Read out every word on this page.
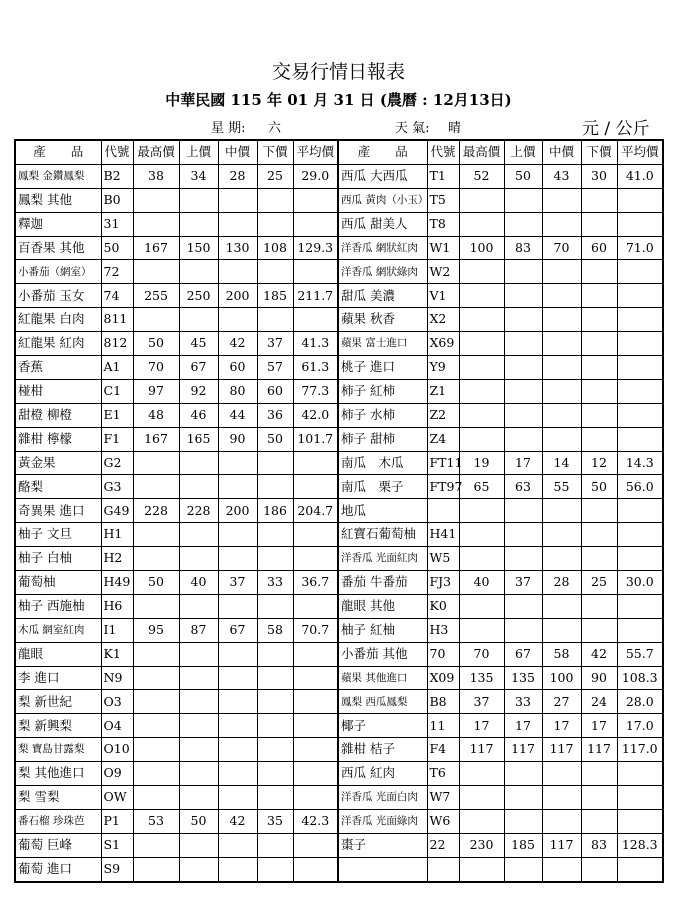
交易行情日報表
中華民國 115 年 01 月 31 日 (農曆 : 12月13日)
星 期: 六	天 氣: 晴	元 / 公斤
產　　品	代號	最高價	上價	中價	下價	平均價	產　　品	代號	最高價	上價	中價	下價	平均價
鳳梨 金鑽鳳梨	B2	38	34	28	25	29.0	西瓜 大西瓜	T1	52	50	43	30	41.0
鳳梨 其他	B0						西瓜 黃肉（小玉）	T5					
釋迦	31						西瓜 甜美人	T8					
百香果 其他	50	167	150	130	108	129.3	洋香瓜 網狀紅肉	W1	100	83	70	60	71.0
小番茄（網室）	72						洋香瓜 網狀綠肉	W2					
小番茄 玉女	74	255	250	200	185	211.7	甜瓜 美濃	V1					
紅龍果 白肉	811						蘋果 秋香	X2					
紅龍果 紅肉	812	50	45	42	37	41.3	蘋果 富士進口	X69					
香蕉	A1	70	67	60	57	61.3	桃子 進口	Y9					
椪柑	C1	97	92	80	60	77.3	柿子 紅柿	Z1					
甜橙 柳橙	E1	48	46	44	36	42.0	柿子 水柿	Z2					
雜柑 檸檬	F1	167	165	90	50	101.7	柿子 甜柿	Z4					
黃金果	G2						南瓜　木瓜	FT11	19	17	14	12	14.3
酪梨	G3						南瓜　栗子	FT97	65	63	55	50	56.0
奇異果 進口	G49	228	228	200	186	204.7	地瓜						
柚子 文旦	H1						紅寶石葡萄柚	H41					
柚子 白柚	H2						洋香瓜 光面紅肉	W5					
葡萄柚	H49	50	40	37	33	36.7	番茄 牛番茄	FJ3	40	37	28	25	30.0
柚子 西施柚	H6						龍眼 其他	K0					
木瓜 網室紅肉	I1	95	87	67	58	70.7	柚子 紅柚	H3					
龍眼	K1						小番茄 其他	70	70	67	58	42	55.7
李 進口	N9						蘋果 其他進口	X09	135	135	100	90	108.3
梨 新世紀	O3						鳳梨 西瓜鳳梨	B8	37	33	27	24	28.0
梨 新興梨	O4						椰子	11	17	17	17	17	17.0
梨 寶島甘露梨	O10						雜柑 桔子	F4	117	117	117	117	117.0
梨 其他進口	O9						西瓜 紅肉	T6					
梨 雪梨	OW						洋香瓜 光面白肉	W7					
番石榴 珍珠芭	P1	53	50	42	35	42.3	洋香瓜 光面綠肉	W6					
葡萄 巨峰	S1						棗子	22	230	185	117	83	128.3
葡萄 進口	S9												
